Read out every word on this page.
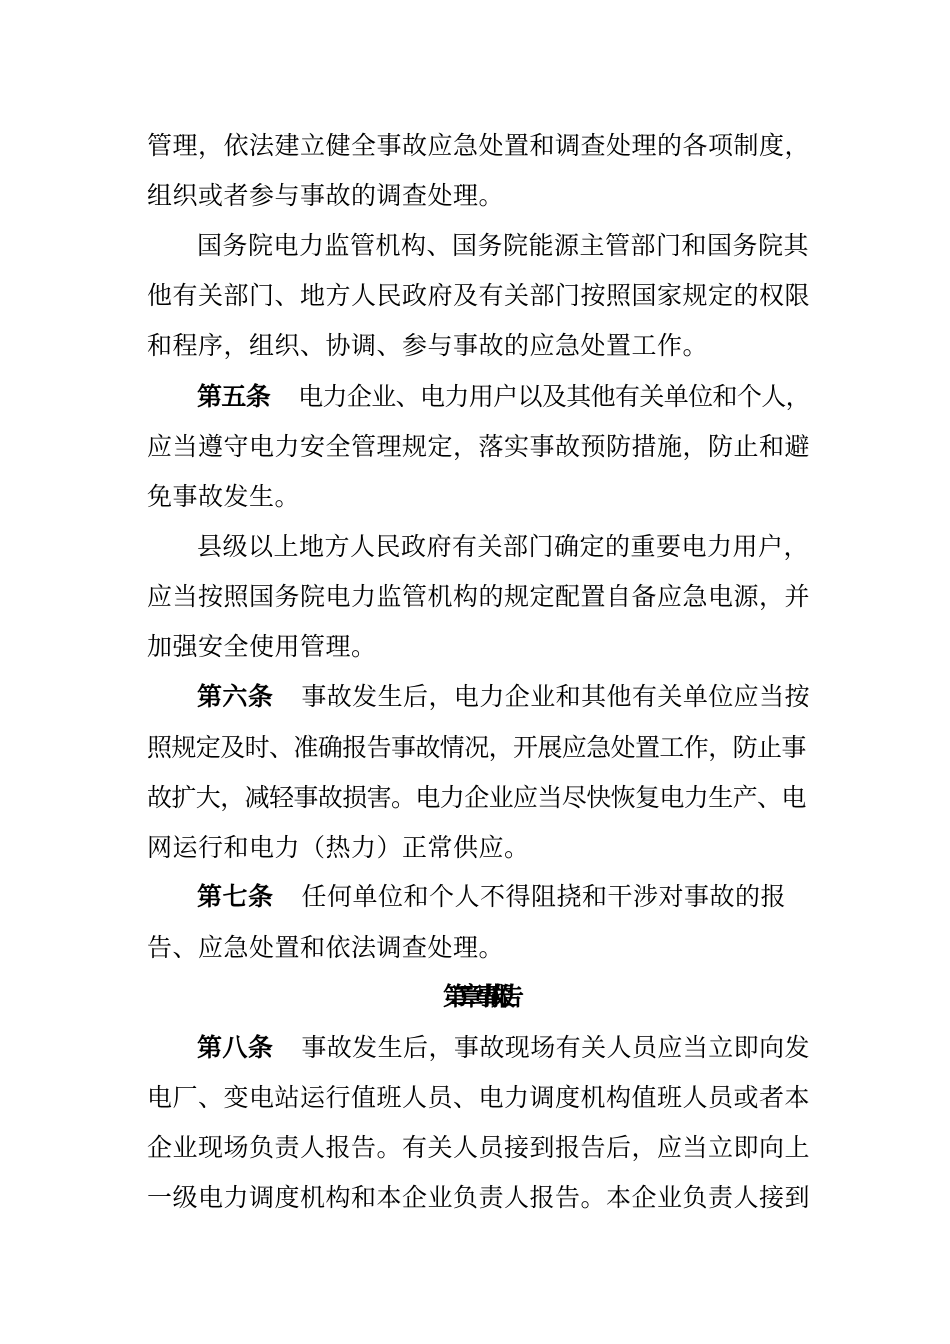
管理，依法建立健全事故应急处置和调查处理的各项制度，
组织或者参与事故的调查处理。
国务院电力监管机构、国务院能源主管部门和国务院其
他有关部门、地方人民政府及有关部门按照国家规定的权限
和程序，组织、协调、参与事故的应急处置工作。
第五条 电力企业、电力用户以及其他有关单位和个人，
应当遵守电力安全管理规定，落实事故预防措施，防止和避
免事故发生。
县级以上地方人民政府有关部门确定的重要电力用户，
应当按照国务院电力监管机构的规定配置自备应急电源，并
加强安全使用管理。
第六条 事故发生后，电力企业和其他有关单位应当按
照规定及时、准确报告事故情况，开展应急处置工作，防止事
故扩大，减轻事故损害。电力企业应当尽快恢复电力生产、电
网运行和电力（热力）正常供应。
第七条 任何单位和个人不得阻挠和干涉对事故的报
告、应急处置和依法调查处理。
第二章　事故报告
第八条 事故发生后，事故现场有关人员应当立即向发
电厂、变电站运行值班人员、电力调度机构值班人员或者本
企业现场负责人报告。有关人员接到报告后，应当立即向上
一级电力调度机构和本企业负责人报告。本企业负责人接到
